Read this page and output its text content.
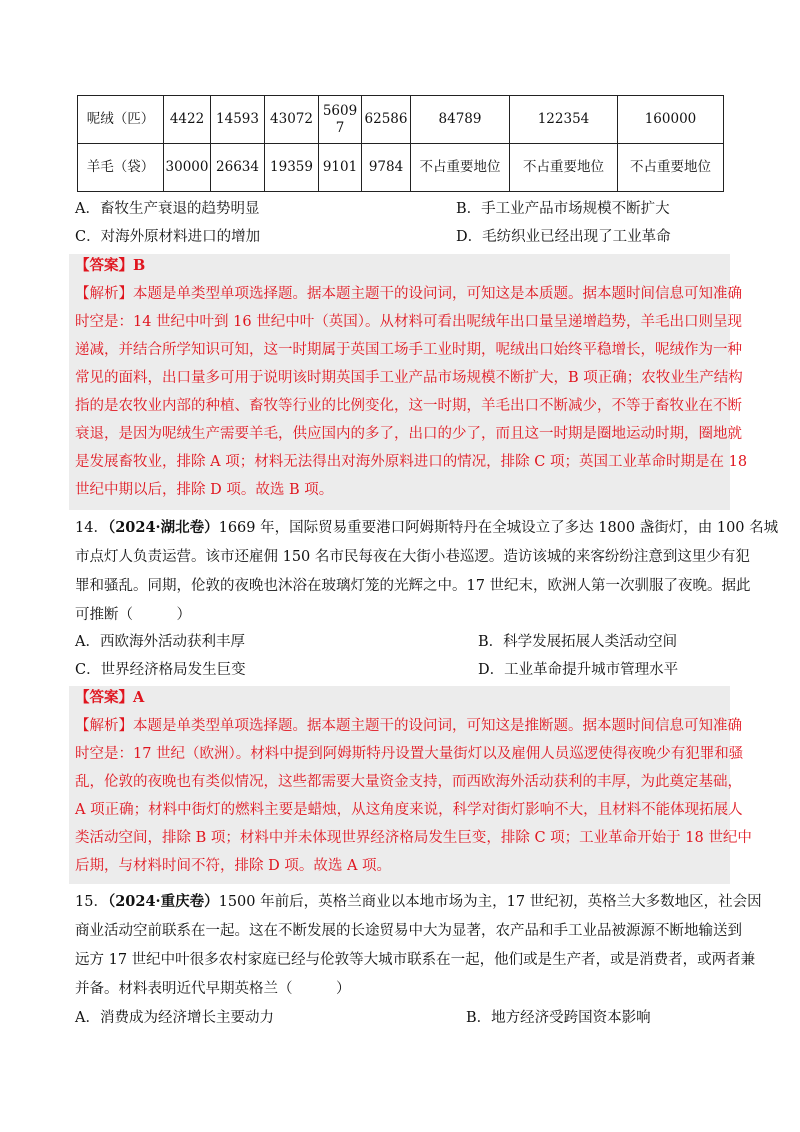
呢绒（匹）	4422	14593	43072	56097	62586	84789	122354	160000
羊毛（袋）	30000	26634	19359	9101	9784	不占重要地位	不占重要地位	不占重要地位
A．畜牧生产衰退的趋势明显	B．手工业产品市场规模不断扩大
C．对海外原材料进口的增加	D．毛纺织业已经出现了工业革命
【答案】B
【解析】本题是单类型单项选择题。据本题主题干的设问词，可知这是本质题。据本题时间信息可知准确
时空是：14 世纪中叶到 16 世纪中叶（英国）。从材料可看出呢绒年出口量呈递增趋势，羊毛出口则呈现
递减，并结合所学知识可知，这一时期属于英国工场手工业时期，呢绒出口始终平稳增长，呢绒作为一种
常见的面料，出口量多可用于说明该时期英国手工业产品市场规模不断扩大，B 项正确；农牧业生产结构
指的是农牧业内部的种植、畜牧等行业的比例变化，这一时期，羊毛出口不断减少，不等于畜牧业在不断
衰退，是因为呢绒生产需要羊毛，供应国内的多了，出口的少了，而且这一时期是圈地运动时期，圈地就
是发展畜牧业，排除 A 项；材料无法得出对海外原料进口的情况，排除 C 项；英国工业革命时期是在 18
世纪中期以后，排除 D 项。故选 B 项。
14．（2024·湖北卷）1669 年，国际贸易重要港口阿姆斯特丹在全城设立了多达 1800 盏街灯，由 100 名城
市点灯人负责运营。该市还雇佣 150 名市民每夜在大街小巷巡逻。造访该城的来客纷纷注意到这里少有犯
罪和骚乱。同期，伦敦的夜晚也沐浴在玻璃灯笼的光辉之中。17 世纪末，欧洲人第一次驯服了夜晚。据此
可推断（　　　）
A．西欧海外活动获利丰厚	B．科学发展拓展人类活动空间
C．世界经济格局发生巨变	D．工业革命提升城市管理水平
【答案】A
【解析】本题是单类型单项选择题。据本题主题干的设问词，可知这是推断题。据本题时间信息可知准确
时空是：17 世纪（欧洲）。材料中提到阿姆斯特丹设置大量街灯以及雇佣人员巡逻使得夜晚少有犯罪和骚
乱，伦敦的夜晚也有类似情况，这些都需要大量资金支持，而西欧海外活动获利的丰厚，为此奠定基础，
A 项正确；材料中街灯的燃料主要是蜡烛，从这角度来说，科学对街灯影响不大，且材料不能体现拓展人
类活动空间，排除 B 项；材料中并未体现世界经济格局发生巨变，排除 C 项；工业革命开始于 18 世纪中
后期，与材料时间不符，排除 D 项。故选 A 项。
15．（2024·重庆卷）1500 年前后，英格兰商业以本地市场为主，17 世纪初，英格兰大多数地区，社会因
商业活动空前联系在一起。这在不断发展的长途贸易中大为显著，农产品和手工业品被源源不断地输送到
远方 17 世纪中叶很多农村家庭已经与伦敦等大城市联系在一起，他们或是生产者，或是消费者，或两者兼
并备。材料表明近代早期英格兰（　　　）
A．消费成为经济增长主要动力	B．地方经济受跨国资本影响
